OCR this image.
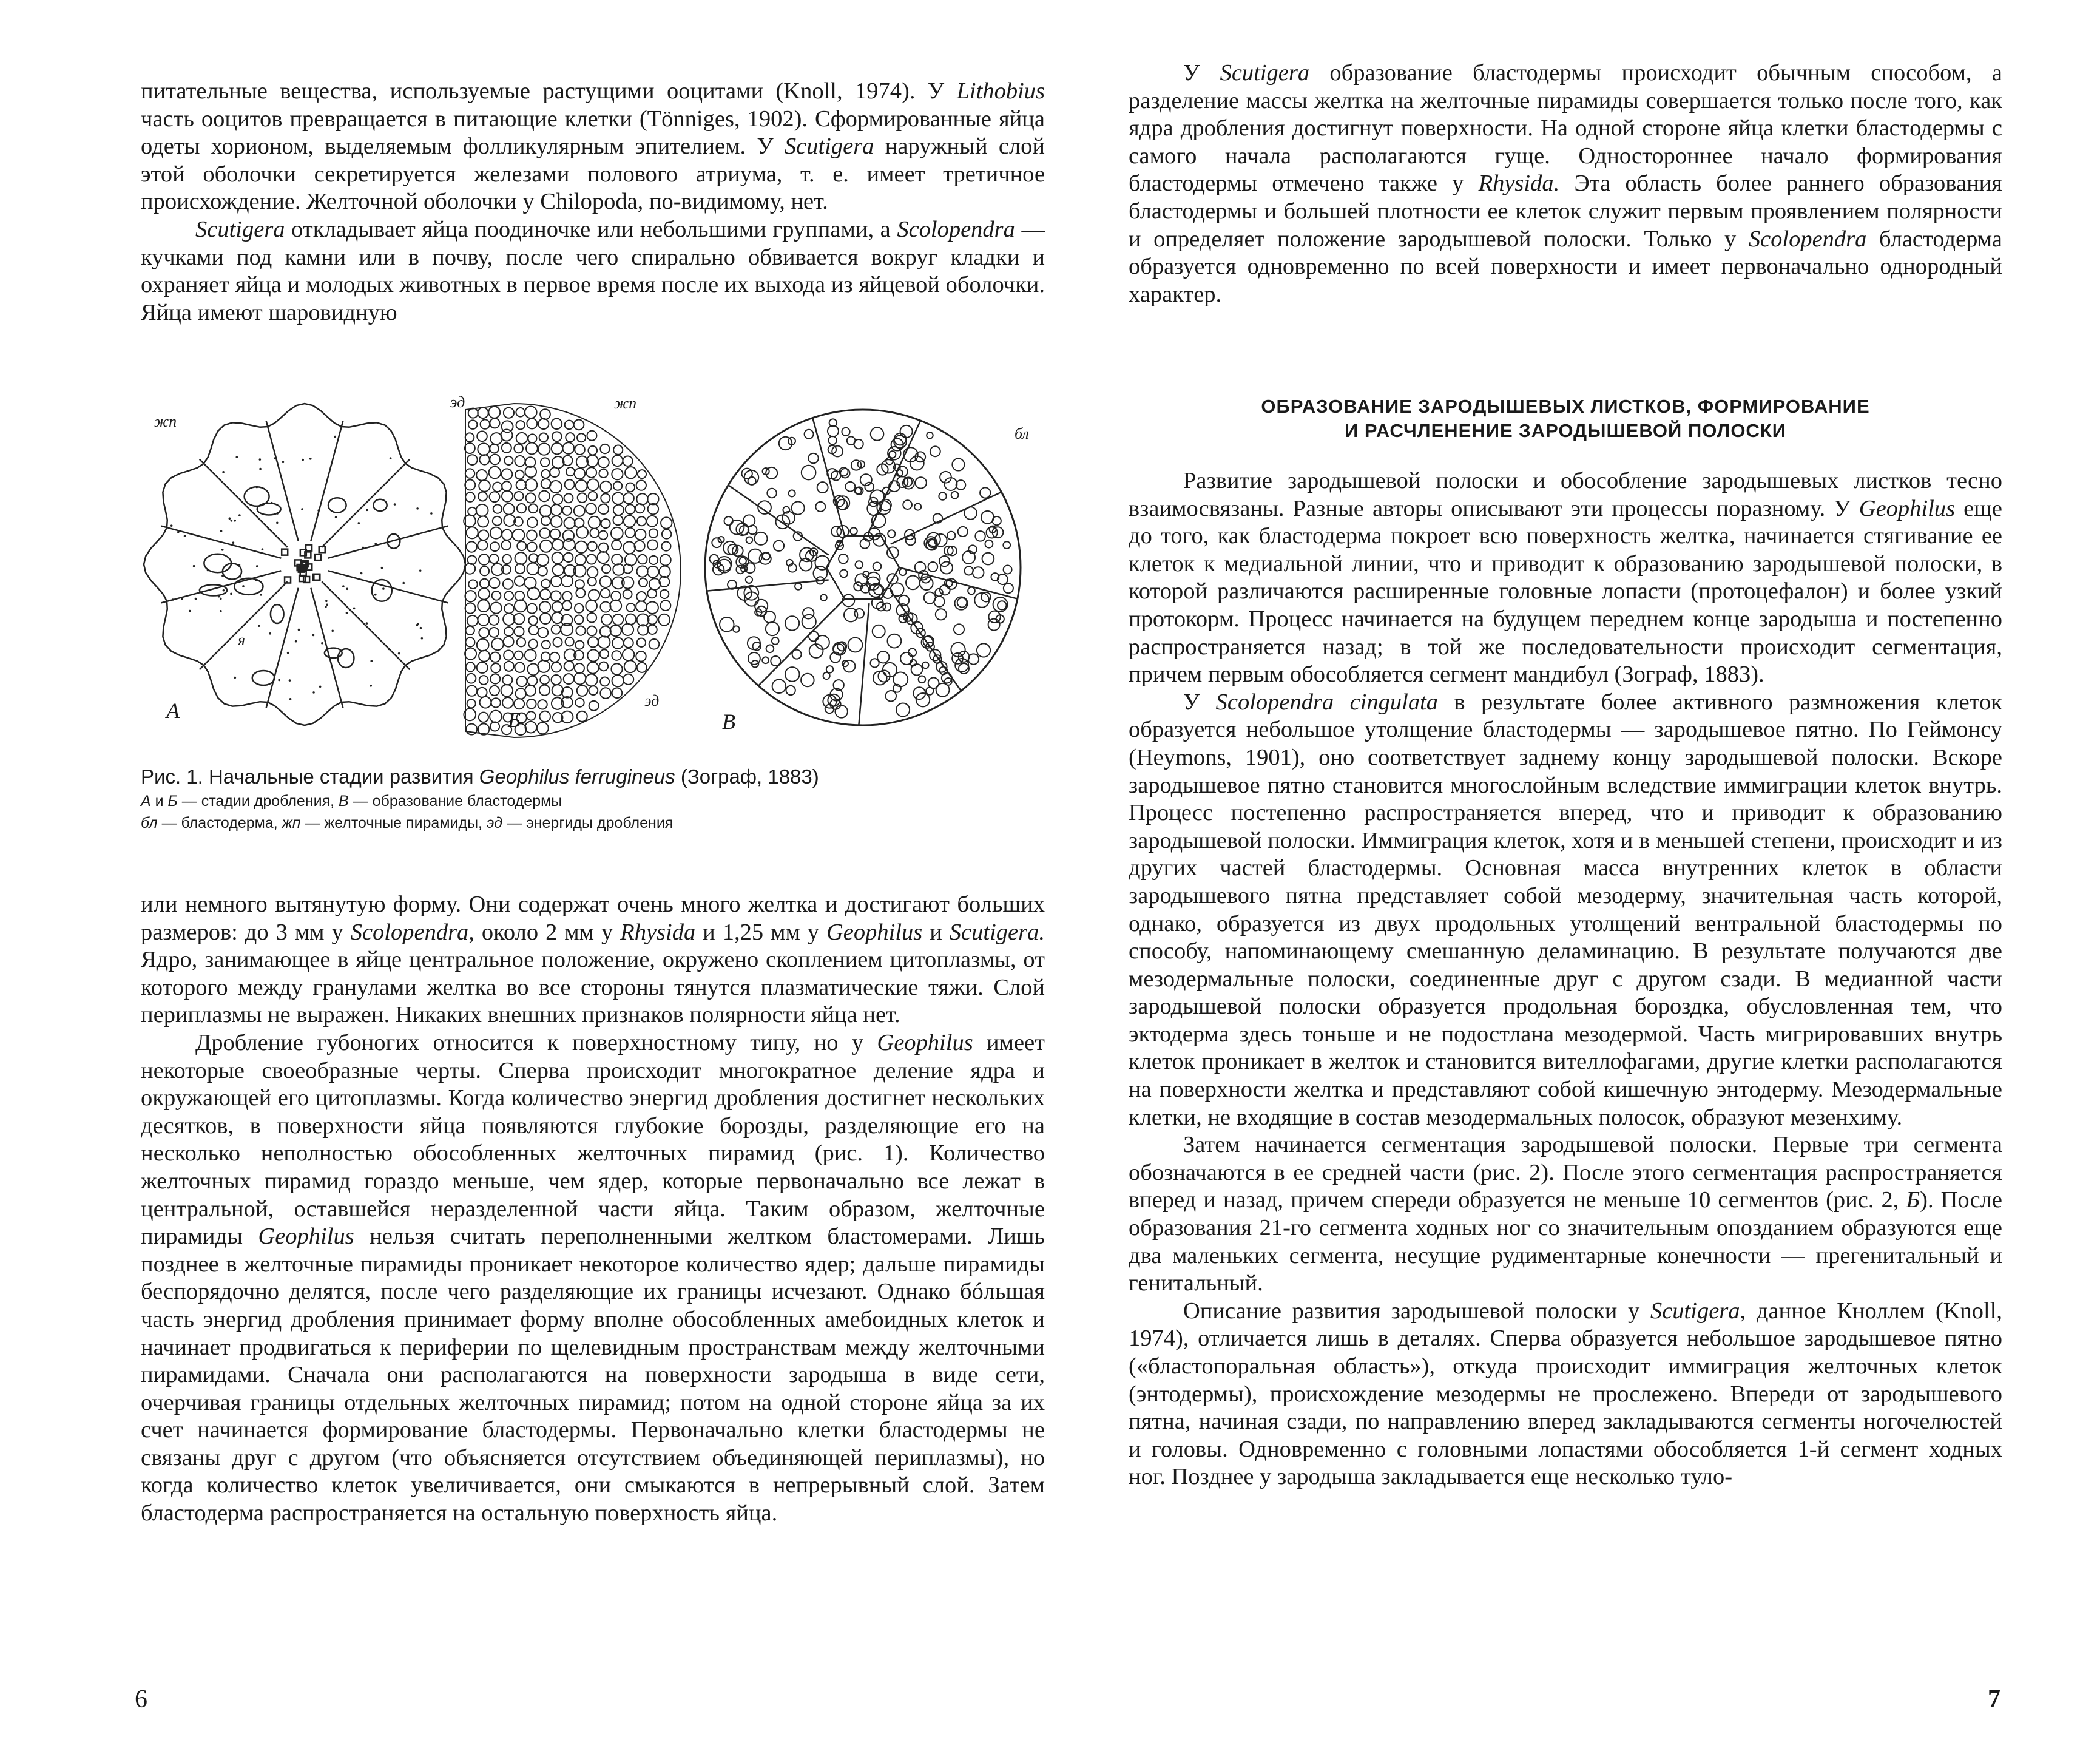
питательные вещества, используемые растущими ооцитами (Knoll, 1974). У Lithobius часть ооцитов превращается в питающие клетки (Tönniges, 1902). Сформированные яйца одеты хорионом, выделяемым фолликулярным эпителием. У Scutigera наружный слой этой оболочки секретируется железами полового атриума, т. е. имеет третичное происхождение. Желточной оболочки у Chilopoda, по-видимому, нет.

Scutigera откладывает яйца поодиночке или небольшими группами, а Scolopendra — кучками под камни или в почву, после чего спирально обвивается вокруг кладки и охраняет яйца и молодых животных в первое время после их выхода из яйцевой оболочки. Яйца имеют шаровидную

А	Б	В
жп
эд
я
жп
эд
бл
Рис. 1. Начальные стадии развития Geophilus ferrugineus (Зограф, 1883)
А и Б — стадии дробления, В — образование бластодермы
бл — бластодерма, жп — желточные пирамиды, эд — энергиды дробления

или немного вытянутую форму. Они содержат очень много желтка и достигают больших размеров: до 3 мм у Scolopendra, около 2 мм у Rhysida и 1,25 мм у Geophilus и Scutigera. Ядро, занимающее в яйце центральное положение, окружено скоплением цитоплазмы, от которого между гранулами желтка во все стороны тянутся плазматические тяжи. Слой периплазмы не выражен. Никаких внешних признаков полярности яйца нет.

Дробление губоногих относится к поверхностному типу, но у Geophilus имеет некоторые своеобразные черты. Сперва происходит многократное деление ядра и окружающей его цитоплазмы. Когда количество энергид дробления достигнет нескольких десятков, в поверхности яйца появляются глубокие борозды, разделяющие его на несколько неполностью обособленных желточных пирамид (рис. 1). Количество желточных пирамид гораздо меньше, чем ядер, которые первоначально все лежат в центральной, оставшейся неразделенной части яйца. Таким образом, желточные пирамиды Geophilus нельзя считать переполненными желтком бластомерами. Лишь позднее в желточные пирамиды проникает некоторое количество ядер; дальше пирамиды беспорядочно делятся, после чего разделяющие их границы исчезают. Однако бóльшая часть энергид дробления принимает форму вполне обособленных амебоидных клеток и начинает продвигаться к периферии по щелевидным пространствам между желточными пирамидами. Сначала они располагаются на поверхности зародыша в виде сети, очерчивая границы отдельных желточных пирамид; потом на одной стороне яйца за их счет начинается формирование бластодермы. Первоначально клетки бластодермы не связаны друг с другом (что объясняется отсутствием объединяющей периплазмы), но когда количество клеток увеличивается, они смыкаются в непрерывный слой. Затем бластодерма распространяется на остальную поверхность яйца.

6

У Scutigera образование бластодермы происходит обычным способом, а разделение массы желтка на желточные пирамиды совершается только после того, как ядра дробления достигнут поверхности. На одной стороне яйца клетки бластодермы с самого начала располагаются гуще. Одностороннее начало формирования бластодермы отмечено также у Rhysida. Эта область более раннего образования бластодермы и большей плотности ее клеток служит первым проявлением полярности и определяет положение зародышевой полоски. Только у Scolopendra бластодерма образуется одновременно по всей поверхности и имеет первоначально однородный характер.

ОБРАЗОВАНИЕ ЗАРОДЫШЕВЫХ ЛИСТКОВ, ФОРМИРОВАНИЕ
И РАСЧЛЕНЕНИЕ ЗАРОДЫШЕВОЙ ПОЛОСКИ

Развитие зародышевой полоски и обособление зародышевых листков тесно взаимосвязаны. Разные авторы описывают эти процессы поразному. У Geophilus еще до того, как бластодерма покроет всю поверхность желтка, начинается стягивание ее клеток к медиальной линии, что и приводит к образованию зародышевой полоски, в которой различаются расширенные головные лопасти (протоцефалон) и более узкий протокорм. Процесс начинается на будущем переднем конце зародыша и постепенно распространяется назад; в той же последовательности происходит сегментация, причем первым обособляется сегмент мандибул (Зограф, 1883).

У Scolopendra cingulata в результате более активного размножения клеток образуется небольшое утолщение бластодермы — зародышевое пятно. По Геймонсу (Heymons, 1901), оно соответствует заднему концу зародышевой полоски. Вскоре зародышевое пятно становится многослойным вследствие иммиграции клеток внутрь. Процесс постепенно распространяется вперед, что и приводит к образованию зародышевой полоски. Иммиграция клеток, хотя и в меньшей степени, происходит и из других частей бластодермы. Основная масса внутренних клеток в области зародышевого пятна представляет собой мезодерму, значительная часть которой, однако, образуется из двух продольных утолщений вентральной бластодермы по способу, напоминающему смешанную деламинацию. В результате получаются две мезодермальные полоски, соединенные друг с другом сзади. В медианной части зародышевой полоски образуется продольная бороздка, обусловленная тем, что эктодерма здесь тоньше и не подостлана мезодермой. Часть мигрировавших внутрь клеток проникает в желток и становится вителлофагами, другие клетки располагаются на поверхности желтка и представляют собой кишечную энтодерму. Мезодермальные клетки, не входящие в состав мезодермальных полосок, образуют мезенхиму.

Затем начинается сегментация зародышевой полоски. Первые три сегмента обозначаются в ее средней части (рис. 2). После этого сегментация распространяется вперед и назад, причем спереди образуется не меньше 10 сегментов (рис. 2, Б). После образования 21-го сегмента ходных ног со значительным опозданием образуются еще два маленьких сегмента, несущие рудиментарные конечности — прегенитальный и генитальный.

Описание развития зародышевой полоски у Scutigera, данное Кноллем (Knoll, 1974), отличается лишь в деталях. Сперва образуется небольшое зародышевое пятно («бластопоральная область»), откуда происходит иммиграция желточных клеток (энтодермы), происхождение мезодермы не прослежено. Впереди от зародышевого пятна, начиная сзади, по направлению вперед закладываются сегменты ногочелюстей и головы. Одновременно с головными лопастями обособляется 1-й сегмент ходных ног. Позднее у зародыша закладывается еще несколько туло-

7
